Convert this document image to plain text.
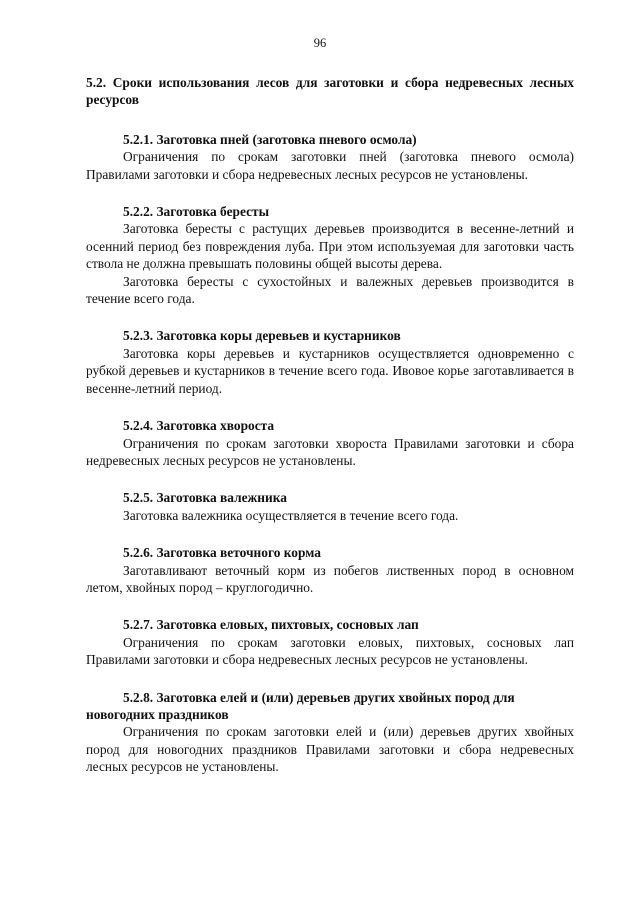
96
5.2. Сроки использования лесов для заготовки и сбора недревесных лесных ресурсов
5.2.1. Заготовка пней (заготовка пневого осмола)

Ограничения по срокам заготовки пней (заготовка пневого осмола) Правилами заготовки и сбора недревесных лесных ресурсов не установлены.

5.2.2. Заготовка бересты

Заготовка бересты с растущих деревьев производится в весенне-летний и осенний период без повреждения луба. При этом используемая для заготовки часть ствола не должна превышать половины общей высоты дерева.

Заготовка бересты с сухостойных и валежных деревьев производится в течение всего года.

5.2.3. Заготовка коры деревьев и кустарников

Заготовка коры деревьев и кустарников осуществляется одновременно с рубкой деревьев и кустарников в течение всего года. Ивовое корье заготавливается в весенне-летний период.

5.2.4. Заготовка хвороста

Ограничения по срокам заготовки хвороста Правилами заготовки и сбора недревесных лесных ресурсов не установлены.

5.2.5. Заготовка валежника

Заготовка валежника осуществляется в течение всего года.

5.2.6. Заготовка веточного корма

Заготавливают веточный корм из побегов лиственных пород в основном летом, хвойных пород – круглогодично.

5.2.7. Заготовка еловых, пихтовых, сосновых лап

Ограничения по срокам заготовки еловых, пихтовых, сосновых лап Правилами заготовки и сбора недревесных лесных ресурсов не установлены.

5.2.8. Заготовка елей и (или) деревьев других хвойных пород для новогодних праздников

Ограничения по срокам заготовки елей и (или) деревьев других хвойных пород для новогодних праздников Правилами заготовки и сбора недревесных лесных ресурсов не установлены.
